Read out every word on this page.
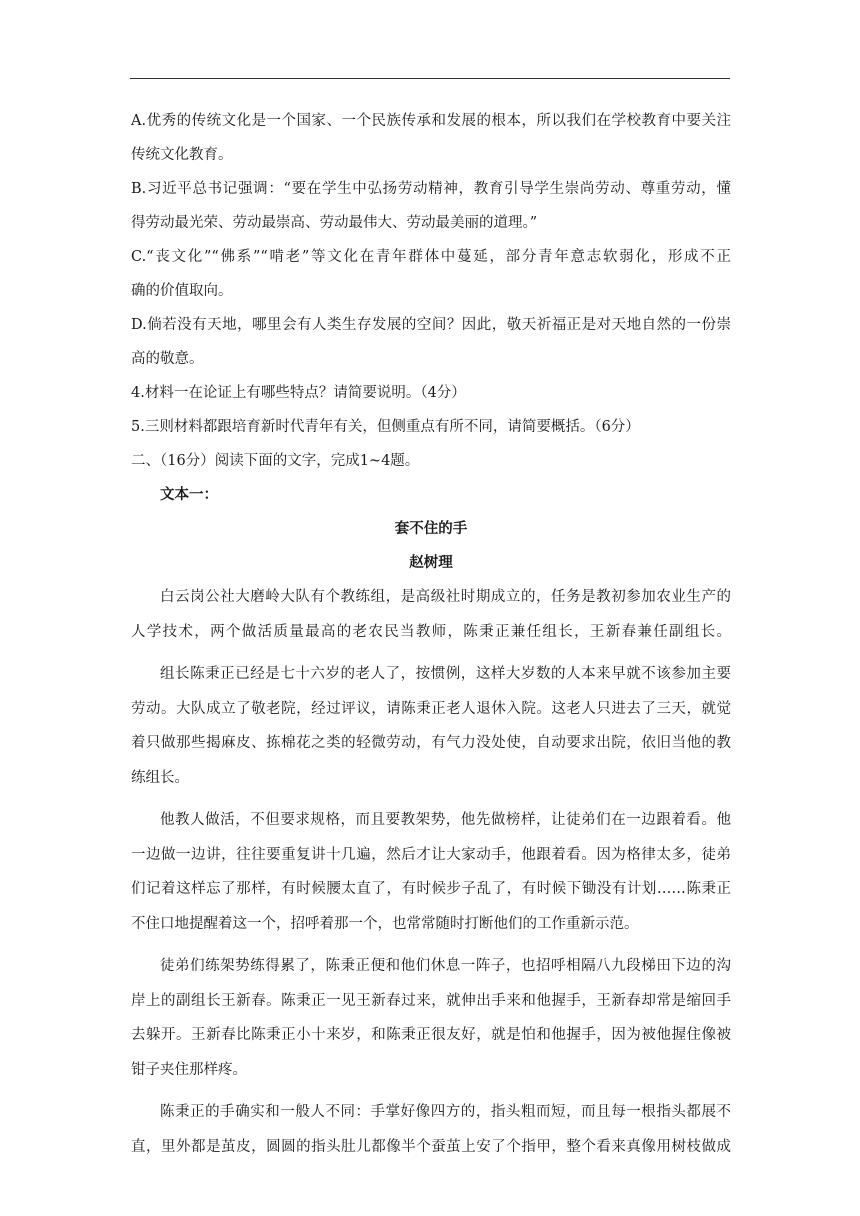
A.优秀的传统文化是一个国家、一个民族传承和发展的根本，所以我们在学校教育中要关注
传统文化教育。
B.习近平总书记强调：“要在学生中弘扬劳动精神，教育引导学生崇尚劳动、尊重劳动，懂
得劳动最光荣、劳动最崇高、劳动最伟大、劳动最美丽的道理。”
C.“丧文化”“佛系”“啃老”等文化在青年群体中蔓延，部分青年意志软弱化，形成不正
确的价值取向。
D.倘若没有天地，哪里会有人类生存发展的空间？因此，敬天祈福正是对天地自然的一份崇
高的敬意。
4.材料一在论证上有哪些特点？请简要说明。（4分）
5.三则材料都跟培育新时代青年有关，但侧重点有所不同，请简要概括。（6分）
二、（16分）阅读下面的文字，完成1~4题。
文本一：
套不住的手
赵树理
白云岗公社大磨岭大队有个教练组，是高级社时期成立的，任务是教初参加农业生产的
人学技术，两个做活质量最高的老农民当教师，陈秉正兼任组长，王新春兼任副组长。
组长陈秉正已经是七十六岁的老人了，按惯例，这样大岁数的人本来早就不该参加主要
劳动。大队成立了敬老院，经过评议，请陈秉正老人退休入院。这老人只进去了三天，就觉
着只做那些揭麻皮、拣棉花之类的轻微劳动，有气力没处使，自动要求出院，依旧当他的教
练组长。
他教人做活，不但要求规格，而且要教架势，他先做榜样，让徒弟们在一边跟着看。他
一边做一边讲，往往要重复讲十几遍，然后才让大家动手，他跟着看。因为格律太多，徒弟
们记着这样忘了那样，有时候腰太直了，有时候步子乱了，有时候下锄没有计划……陈秉正
不住口地提醒着这一个，招呼着那一个，也常常随时打断他们的工作重新示范。
徒弟们练架势练得累了，陈秉正便和他们休息一阵子，也招呼相隔八九段梯田下边的沟
岸上的副组长王新春。陈秉正一见王新春过来，就伸出手来和他握手，王新春却常是缩回手
去躲开。王新春比陈秉正小十来岁，和陈秉正很友好，就是怕和他握手，因为被他握住像被
钳子夹住那样疼。
陈秉正的手确实和一般人不同：手掌好像四方的，指头粗而短，而且每一根指头都展不
直，里外都是茧皮，圆圆的指头肚儿都像半个蚕茧上安了个指甲，整个看来真像用树枝做成
